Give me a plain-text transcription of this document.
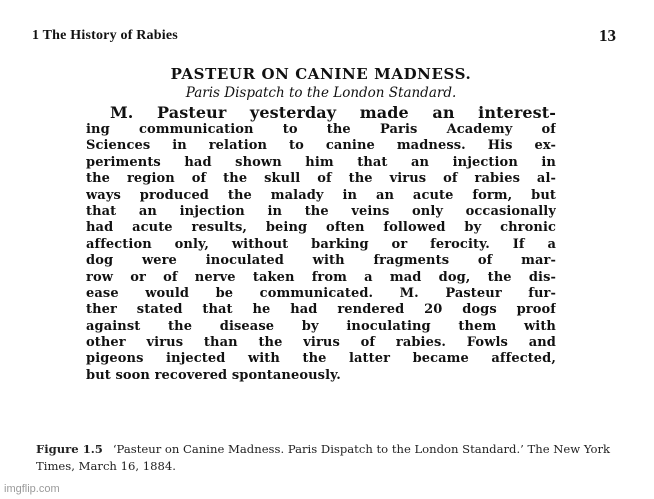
1 The History of Rabies	13

PASTEUR ON CANINE MADNESS.

Paris Dispatch to the London Standard.

M. Pasteur yesterday made an interest-
ing communication to the Paris Academy of
Sciences in relation to canine madness. His ex-
periments had shown him that an injection in
the region of the skull of the virus of rabies al-
ways produced the malady in an acute form, but
that an injection in the veins only occasionally
had acute results, being often followed by chronic
affection only, without barking or ferocity. If a
dog were inoculated with fragments of mar-
row or of nerve taken from a mad dog, the dis-
ease would be communicated. M. Pasteur fur-
ther stated that he had rendered 20 dogs proof
against the disease by inoculating them with
other virus than the virus of rabies. Fowls and
pigeons injected with the latter became affected,
but soon recovered spontaneously.
Figure 1.5 ‘Pasteur on Canine Madness. Paris Dispatch to the London Standard.’ The New York
Times, March 16, 1884.
imgflip.com
